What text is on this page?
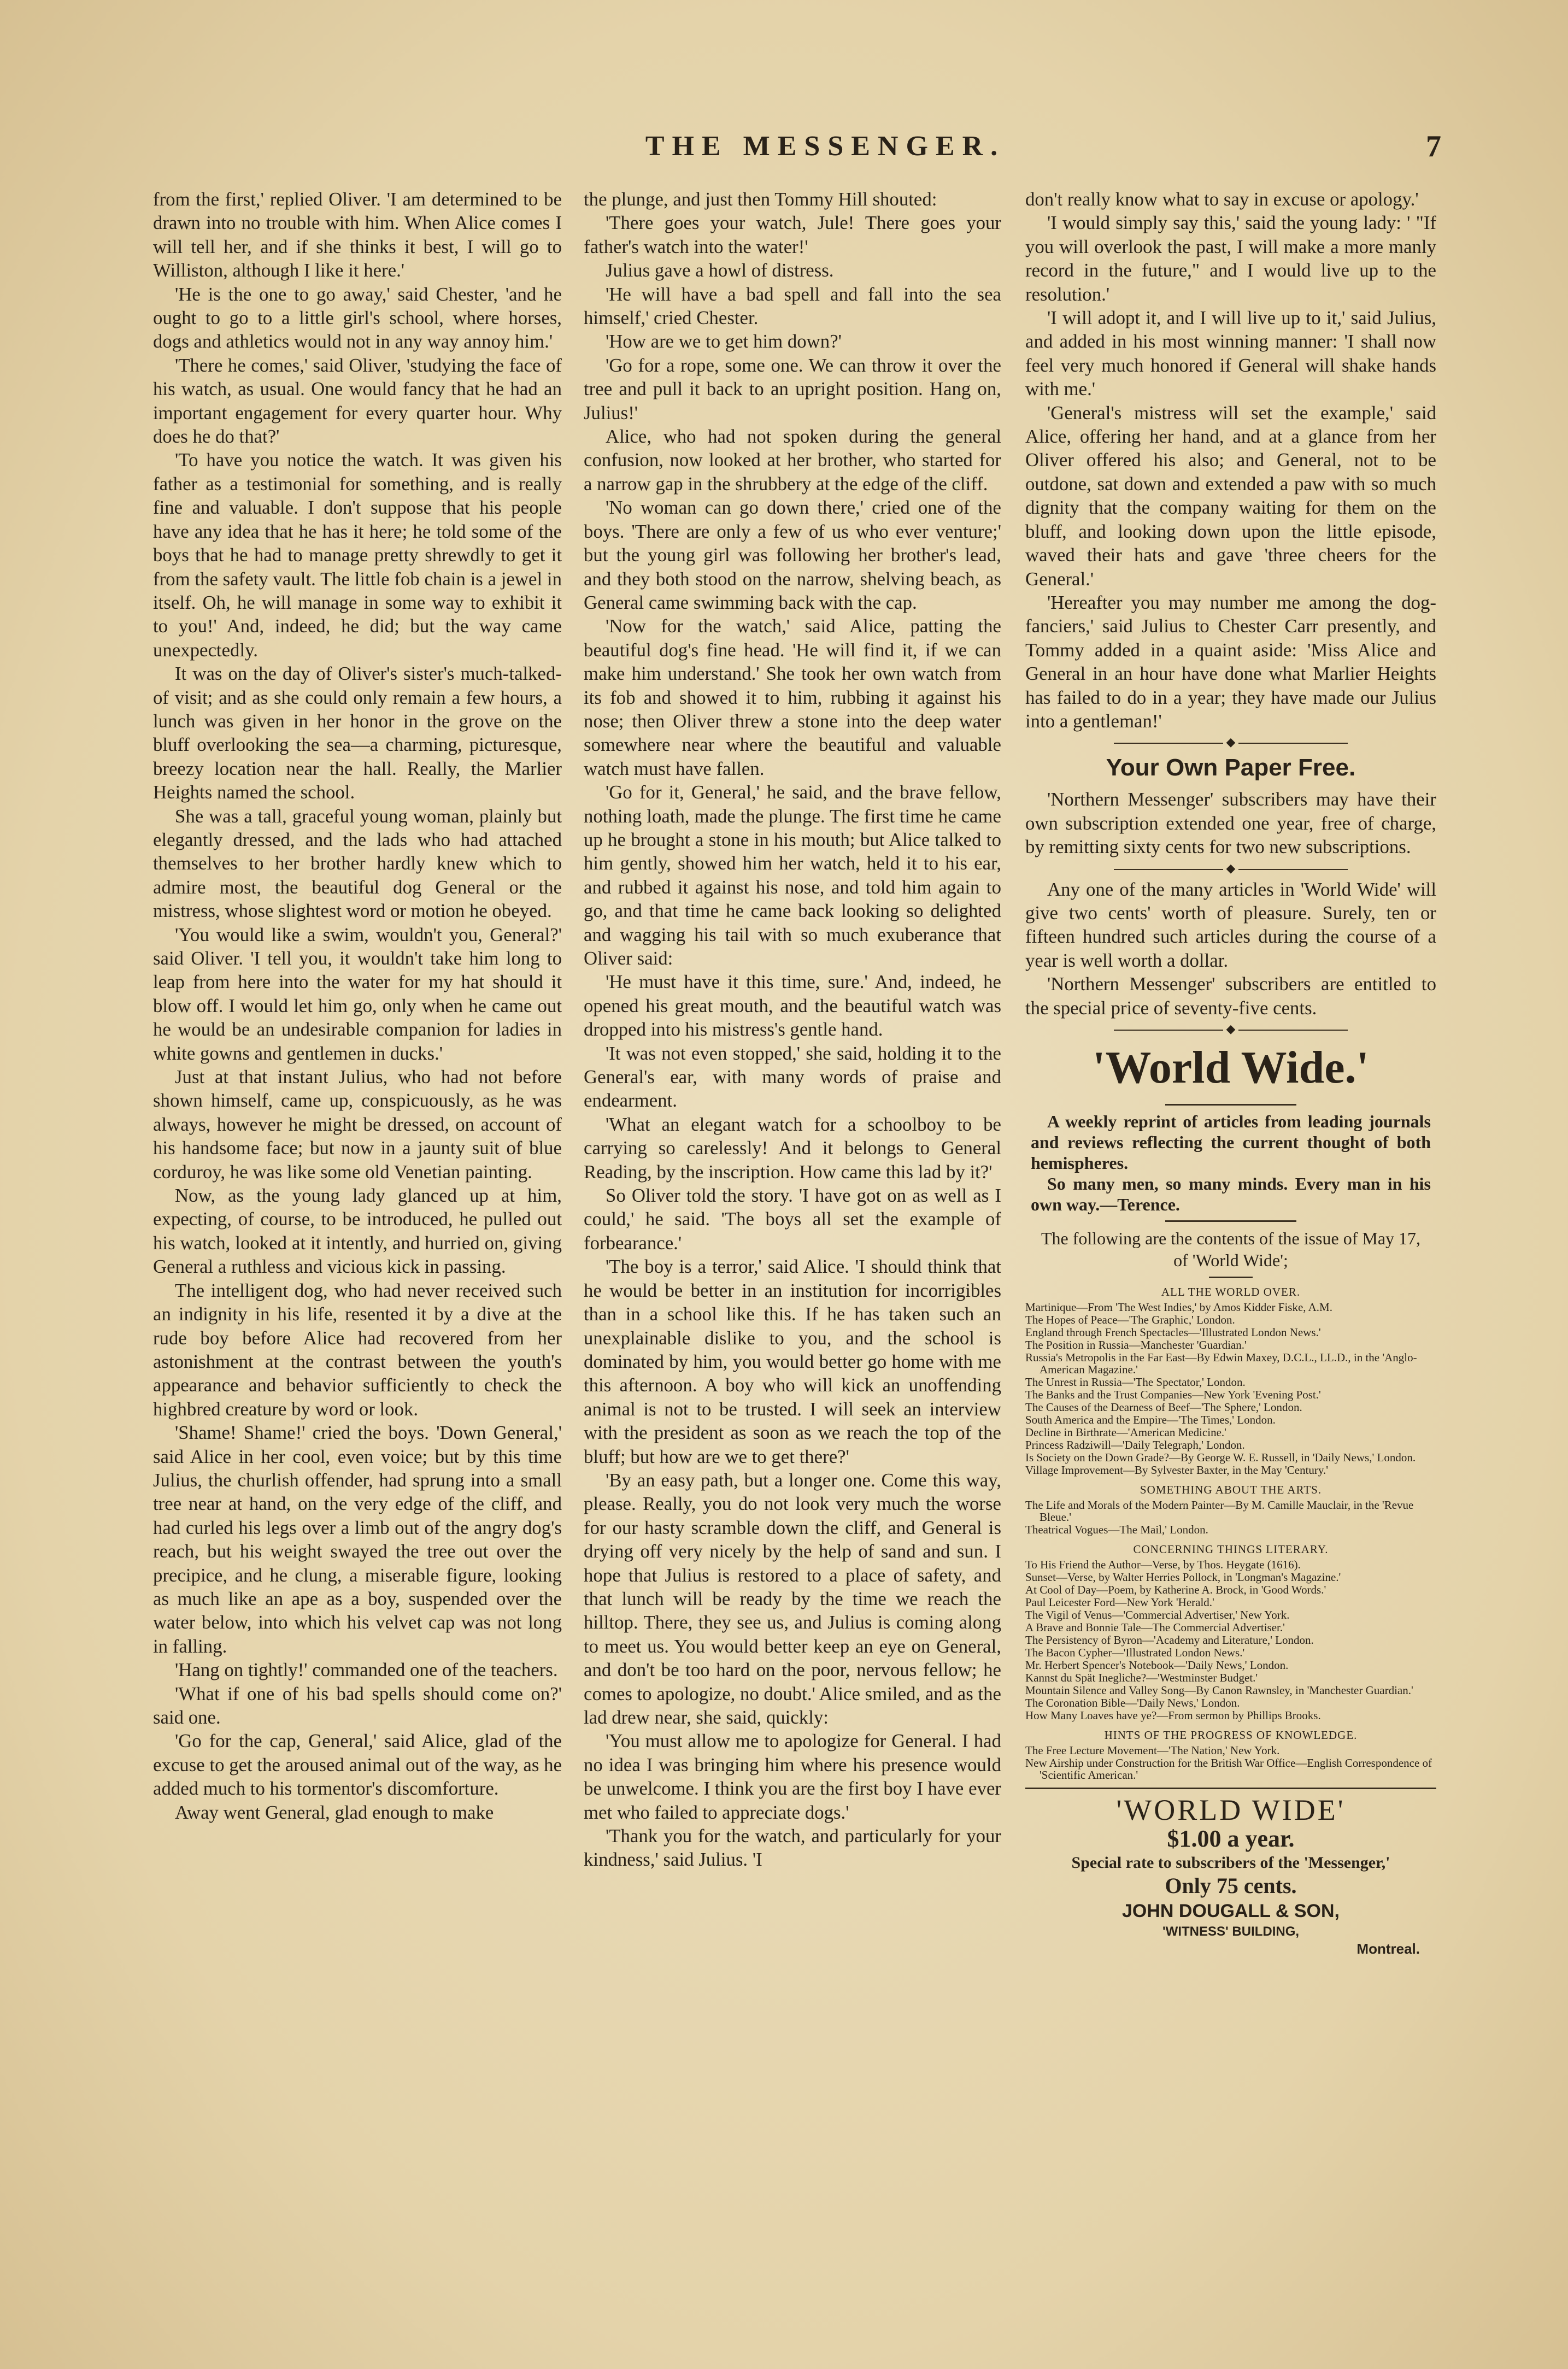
THE MESSENGER.	7

from the first,' replied Oliver. 'I am determined to be drawn into no trouble with him. When Alice comes I will tell her, and if she thinks it best, I will go to Williston, although I like it here.'

'He is the one to go away,' said Chester, 'and he ought to go to a little girl's school, where horses, dogs and athletics would not in any way annoy him.'

'There he comes,' said Oliver, 'studying the face of his watch, as usual. One would fancy that he had an important engagement for every quarter hour. Why does he do that?'

'To have you notice the watch. It was given his father as a testimonial for something, and is really fine and valuable. I don't suppose that his people have any idea that he has it here; he told some of the boys that he had to manage pretty shrewdly to get it from the safety vault. The little fob chain is a jewel in itself. Oh, he will manage in some way to exhibit it to you!' And, indeed, he did; but the way came unexpectedly.

It was on the day of Oliver's sister's much-talked-of visit; and as she could only remain a few hours, a lunch was given in her honor in the grove on the bluff overlooking the sea—a charming, picturesque, breezy location near the hall. Really, the Marlier Heights named the school.

She was a tall, graceful young woman, plainly but elegantly dressed, and the lads who had attached themselves to her brother hardly knew which to admire most, the beautiful dog General or the mistress, whose slightest word or motion he obeyed.

'You would like a swim, wouldn't you, General?' said Oliver. 'I tell you, it wouldn't take him long to leap from here into the water for my hat should it blow off. I would let him go, only when he came out he would be an undesirable companion for ladies in white gowns and gentlemen in ducks.'

Just at that instant Julius, who had not before shown himself, came up, conspicuously, as he was always, however he might be dressed, on account of his handsome face; but now in a jaunty suit of blue corduroy, he was like some old Venetian painting.

Now, as the young lady glanced up at him, expecting, of course, to be introduced, he pulled out his watch, looked at it intently, and hurried on, giving General a ruthless and vicious kick in passing.

The intelligent dog, who had never received such an indignity in his life, resented it by a dive at the rude boy before Alice had recovered from her astonishment at the contrast between the youth's appearance and behavior sufficiently to check the highbred creature by word or look.

'Shame! Shame!' cried the boys. 'Down General,' said Alice in her cool, even voice; but by this time Julius, the churlish offender, had sprung into a small tree near at hand, on the very edge of the cliff, and had curled his legs over a limb out of the angry dog's reach, but his weight swayed the tree out over the precipice, and he clung, a miserable figure, looking as much like an ape as a boy, suspended over the water below, into which his velvet cap was not long in falling.

'Hang on tightly!' commanded one of the teachers.

'What if one of his bad spells should come on?' said one.

'Go for the cap, General,' said Alice, glad of the excuse to get the aroused animal out of the way, as he added much to his tormentor's discomforture.

Away went General, glad enough to make

the plunge, and just then Tommy Hill shouted:

'There goes your watch, Jule! There goes your father's watch into the water!'

Julius gave a howl of distress.

'He will have a bad spell and fall into the sea himself,' cried Chester.

'How are we to get him down?'

'Go for a rope, some one. We can throw it over the tree and pull it back to an upright position. Hang on, Julius!'

Alice, who had not spoken during the general confusion, now looked at her brother, who started for a narrow gap in the shrubbery at the edge of the cliff.

'No woman can go down there,' cried one of the boys. 'There are only a few of us who ever venture;' but the young girl was following her brother's lead, and they both stood on the narrow, shelving beach, as General came swimming back with the cap.

'Now for the watch,' said Alice, patting the beautiful dog's fine head. 'He will find it, if we can make him understand.' She took her own watch from its fob and showed it to him, rubbing it against his nose; then Oliver threw a stone into the deep water somewhere near where the beautiful and valuable watch must have fallen.

'Go for it, General,' he said, and the brave fellow, nothing loath, made the plunge. The first time he came up he brought a stone in his mouth; but Alice talked to him gently, showed him her watch, held it to his ear, and rubbed it against his nose, and told him again to go, and that time he came back looking so delighted and wagging his tail with so much exuberance that Oliver said:

'He must have it this time, sure.' And, indeed, he opened his great mouth, and the beautiful watch was dropped into his mistress's gentle hand.

'It was not even stopped,' she said, holding it to the General's ear, with many words of praise and endearment.

'What an elegant watch for a schoolboy to be carrying so carelessly! And it belongs to General Reading, by the inscription. How came this lad by it?'

So Oliver told the story. 'I have got on as well as I could,' he said. 'The boys all set the example of forbearance.'

'The boy is a terror,' said Alice. 'I should think that he would be better in an institution for incorrigibles than in a school like this. If he has taken such an unexplainable dislike to you, and the school is dominated by him, you would better go home with me this afternoon. A boy who will kick an unoffending animal is not to be trusted. I will seek an interview with the president as soon as we reach the top of the bluff; but how are we to get there?'

'By an easy path, but a longer one. Come this way, please. Really, you do not look very much the worse for our hasty scramble down the cliff, and General is drying off very nicely by the help of sand and sun. I hope that Julius is restored to a place of safety, and that lunch will be ready by the time we reach the hilltop. There, they see us, and Julius is coming along to meet us. You would better keep an eye on General, and don't be too hard on the poor, nervous fellow; he comes to apologize, no doubt.' Alice smiled, and as the lad drew near, she said, quickly:

'You must allow me to apologize for General. I had no idea I was bringing him where his presence would be unwelcome. I think you are the first boy I have ever met who failed to appreciate dogs.'

'Thank you for the watch, and particularly for your kindness,' said Julius. 'I

don't really know what to say in excuse or apology.'

'I would simply say this,' said the young lady: ' "If you will overlook the past, I will make a more manly record in the future," and I would live up to the resolution.'

'I will adopt it, and I will live up to it,' said Julius, and added in his most winning manner: 'I shall now feel very much honored if General will shake hands with me.'

'General's mistress will set the example,' said Alice, offering her hand, and at a glance from her Oliver offered his also; and General, not to be outdone, sat down and extended a paw with so much dignity that the company waiting for them on the bluff, and looking down upon the little episode, waved their hats and gave 'three cheers for the General.'

'Hereafter you may number me among the dog-fanciers,' said Julius to Chester Carr presently, and Tommy added in a quaint aside: 'Miss Alice and General in an hour have done what Marlier Heights has failed to do in a year; they have made our Julius into a gentleman!'

◆
Your Own Paper Free.

'Northern Messenger' subscribers may have their own subscription extended one year, free of charge, by remitting sixty cents for two new subscriptions.

◆

Any one of the many articles in 'World Wide' will give two cents' worth of pleasure. Surely, ten or fifteen hundred such articles during the course of a year is well worth a dollar.

'Northern Messenger' subscribers are entitled to the special price of seventy-five cents.

◆
'World Wide.'
A weekly reprint of articles from leading journals and reviews reflecting the current thought of both hemispheres.
So many men, so many minds. Every man in his own way.—Terence.
The following are the contents of the issue of May 17, of 'World Wide';
ALL THE WORLD OVER.
Martinique—From 'The West Indies,' by Amos Kidder Fiske, A.M.
The Hopes of Peace—'The Graphic,' London.
England through French Spectacles—'Illustrated London News.'
The Position in Russia—Manchester 'Guardian.'
Russia's Metropolis in the Far East—By Edwin Maxey, D.C.L., LL.D., in the 'Anglo-American Magazine.'
The Unrest in Russia—'The Spectator,' London.
The Banks and the Trust Companies—New York 'Evening Post.'
The Causes of the Dearness of Beef—'The Sphere,' London.
South America and the Empire—'The Times,' London.
Decline in Birthrate—'American Medicine.'
Princess Radziwill—'Daily Telegraph,' London.
Is Society on the Down Grade?—By George W. E. Russell, in 'Daily News,' London.
Village Improvement—By Sylvester Baxter, in the May 'Century.'
SOMETHING ABOUT THE ARTS.
The Life and Morals of the Modern Painter—By M. Camille Mauclair, in the 'Revue Bleue.'
Theatrical Vogues—The Mail,' London.
CONCERNING THINGS LITERARY.
To His Friend the Author—Verse, by Thos. Heygate (1616).
Sunset—Verse, by Walter Herries Pollock, in 'Longman's Magazine.'
At Cool of Day—Poem, by Katherine A. Brock, in 'Good Words.'
Paul Leicester Ford—New York 'Herald.'
The Vigil of Venus—'Commercial Advertiser,' New York.
A Brave and Bonnie Tale—The Commercial Advertiser.'
The Persistency of Byron—'Academy and Literature,' London.
The Bacon Cypher—'Illustrated London News.'
Mr. Herbert Spencer's Notebook—'Daily News,' London.
Kannst du Spät Inegliche?—'Westminster Budget.'
Mountain Silence and Valley Song—By Canon Rawnsley, in 'Manchester Guardian.'
The Coronation Bible—'Daily News,' London.
How Many Loaves have ye?—From sermon by Phillips Brooks.
HINTS OF THE PROGRESS OF KNOWLEDGE.
The Free Lecture Movement—'The Nation,' New York.
New Airship under Construction for the British War Office—English Correspondence of 'Scientific American.'
'WORLD WIDE'
$1.00 a year.
Special rate to subscribers of the 'Messenger,'
Only 75 cents.
JOHN DOUGALL & SON,
'WITNESS' BUILDING,
Montreal.
